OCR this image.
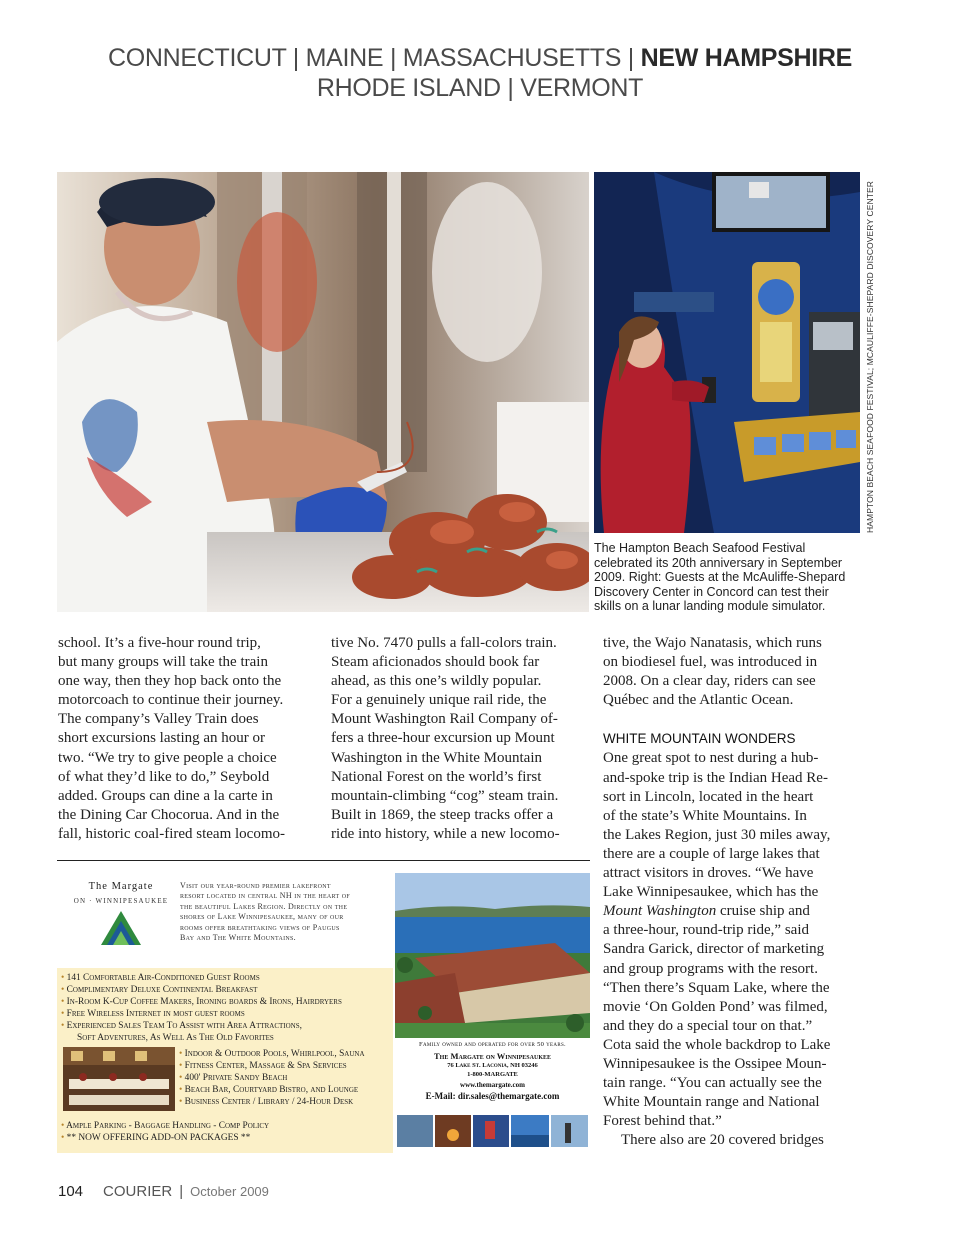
CONNECTICUT | MAINE | MASSACHUSETTS | NEW HAMPSHIRE
RHODE ISLAND | VERMONT
HAMPTON BEACH SEAFOOD FESTIVAL; MCAULIFFE-SHEPARD DISCOVERY CENTER
The Hampton Beach Seafood Festival
celebrated its 20th anniversary in September
2009. Right: Guests at the McAuliffe-Shepard
Discovery Center in Concord can test their
skills on a lunar landing module simulator.
school. It’s a five-hour round trip,
but many groups will take the train
one way, then they hop back onto the
motorcoach to continue their journey.
The company’s Valley Train does
short excursions lasting an hour or
two. “We try to give people a choice
of what they’d like to do,” Seybold
added. Groups can dine a la carte in
the Dining Car Chocorua. And in the
fall, historic coal-fired steam locomo-
tive No. 7470 pulls a fall-colors train.
Steam aficionados should book far
ahead, as this one’s wildly popular.
For a genuinely unique rail ride, the
Mount Washington Rail Company of-
fers a three-hour excursion up Mount
Washington in the White Mountain
National Forest on the world’s first
mountain-climbing “cog” steam train.
Built in 1869, the steep tracks offer a
ride into history, while a new locomo-
tive, the Wajo Nanatasis, which runs
on biodiesel fuel, was introduced in
2008. On a clear day, riders can see
Québec and the Atlantic Ocean.
WHITE MOUNTAIN WONDERS
One great spot to nest during a hub-
and-spoke trip is the Indian Head Re-
sort in Lincoln, located in the heart
of the state’s White Mountains. In
the Lakes Region, just 30 miles away,
there are a couple of large lakes that
attract visitors in droves. “We have
Lake Winnipesaukee, which has the
Mount Washington cruise ship and
a three-hour, round-trip ride,” said
Sandra Garick, director of marketing
and group programs with the resort.
“Then there’s Squam Lake, where the
movie ‘On Golden Pond’ was filmed,
and they do a special tour on that.”
Cota said the whole backdrop to Lake
Winnipesaukee is the Ossipee Moun-
tain range. “You can actually see the
White Mountain range and National
Forest behind that.”
There also are 20 covered bridges
The Margate
ON · WINNIPESAUKEE
Visit our year-round premier lakefront
resort located in central NH in the heart of
the beautiful Lakes Region. Directly on the
shores of Lake Winnipesaukee, many of our
rooms offer breathtaking views of Paugus
Bay and The White Mountains.
• 141 Comfortable Air-Conditioned Guest Rooms
• Complimentary Deluxe Continental Breakfast
• In-Room K-Cup Coffee Makers, Ironing boards & Irons, Hairdryers
• Free Wireless Internet in most guest rooms
• Experienced Sales Team To Assist with Area Attractions,
Soft Adventures, As Well As The Old Favorites
• Indoor & Outdoor Pools, Whirlpool, Sauna
• Fitness Center, Massage & Spa Services
• 400' Private Sandy Beach
• Beach Bar, Courtyard Bistro, and Lounge
• Business Center / Library / 24-Hour Desk
• Ample Parking - Baggage Handling - Comp Policy
• ** NOW OFFERING ADD-ON PACKAGES **
Family owned and operated for over 50 years.
The Margate on Winnipesaukee
76 Lake St. Laconia, NH 03246
1-800-MARGATE
www.themargate.com
E-Mail: dir.sales@themargate.com
104 COURIER | October 2009
